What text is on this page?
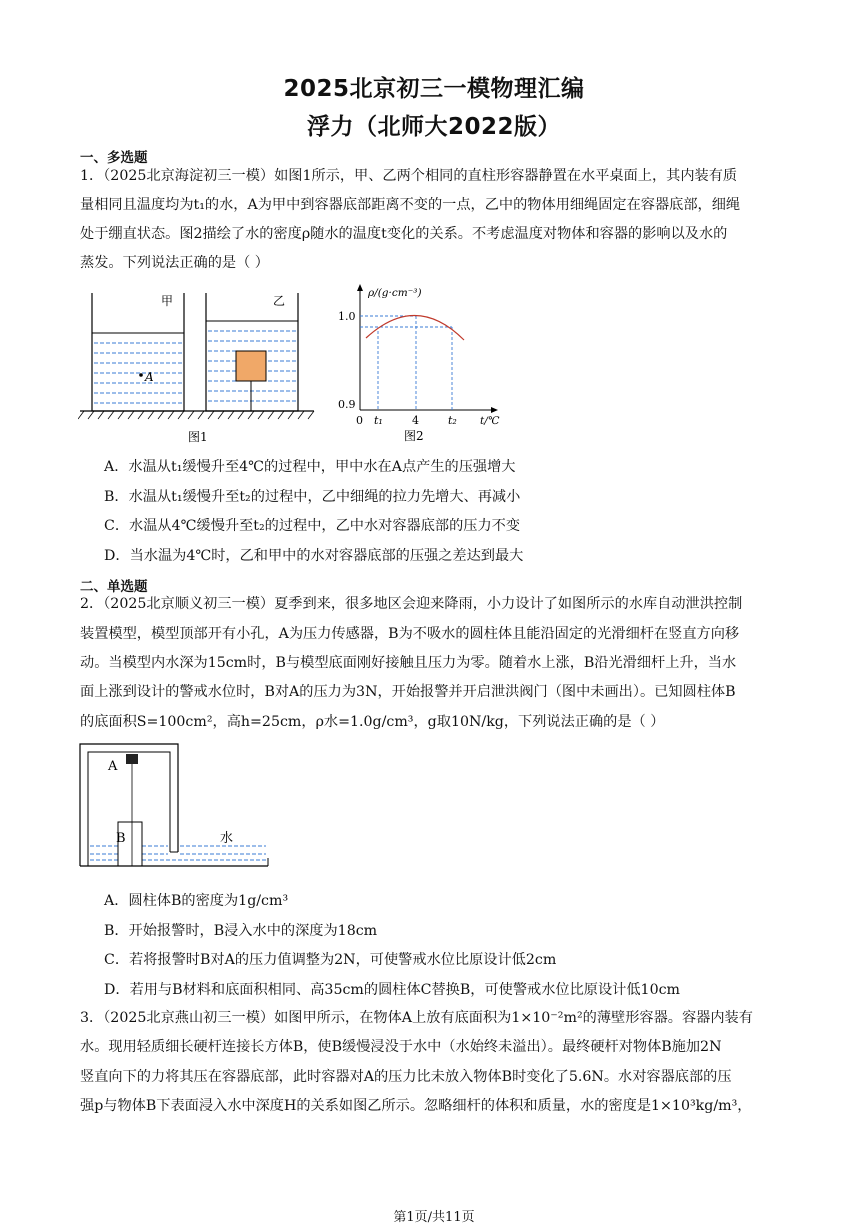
2025北京初三一模物理汇编
浮力（北师大2022版）
一、多选题
1．（2025北京海淀初三一模）如图1所示，甲、乙两个相同的直柱形容器静置在水平桌面上，其内装有质
量相同且温度均为t₁的水，A为甲中到容器底部距离不变的一点，乙中的物体用细绳固定在容器底部，细绳
处于绷直状态。图2描绘了水的密度ρ随水的温度t变化的关系。不考虑温度对物体和容器的影响以及水的
蒸发。下列说法正确的是（ ）
A
甲	乙
图1
ρ/(g·cm⁻³)
1.0
0.9
0 t₁	4	t₂ t/℃
图2
A．水温从t₁缓慢升至4℃的过程中，甲中水在A点产生的压强增大
B．水温从t₁缓慢升至t₂的过程中，乙中细绳的拉力先增大、再减小
C．水温从4℃缓慢升至t₂的过程中，乙中水对容器底部的压力不变
D．当水温为4℃时，乙和甲中的水对容器底部的压强之差达到最大
二、单选题
2．（2025北京顺义初三一模）夏季到来，很多地区会迎来降雨，小力设计了如图所示的水库自动泄洪控制
装置模型，模型顶部开有小孔，A为压力传感器，B为不吸水的圆柱体且能沿固定的光滑细杆在竖直方向移
动。当模型内水深为15cm时，B与模型底面刚好接触且压力为零。随着水上涨，B沿光滑细杆上升，当水
面上涨到设计的警戒水位时，B对A的压力为3N，开始报警并开启泄洪阀门（图中未画出）。已知圆柱体B
的底面积S=100cm²，高h=25cm，ρ水=1.0g/cm³，g取10N/kg，下列说法正确的是（ ）
A
B	水
A．圆柱体B的密度为1g/cm³
B．开始报警时，B浸入水中的深度为18cm
C．若将报警时B对A的压力值调整为2N，可使警戒水位比原设计低2cm
D．若用与B材料和底面积相同、高35cm的圆柱体C替换B，可使警戒水位比原设计低10cm
3．（2025北京燕山初三一模）如图甲所示，在物体A上放有底面积为1×10⁻²m²的薄壁形容器。容器内装有
水。现用轻质细长硬杆连接长方体B，使B缓慢浸没于水中（水始终未溢出）。最终硬杆对物体B施加2N
竖直向下的力将其压在容器底部，此时容器对A的压力比未放入物体B时变化了5.6N。水对容器底部的压
强p与物体B下表面浸入水中深度H的关系如图乙所示。忽略细杆的体积和质量，水的密度是1×10³kg/m³，
第1页/共11页
